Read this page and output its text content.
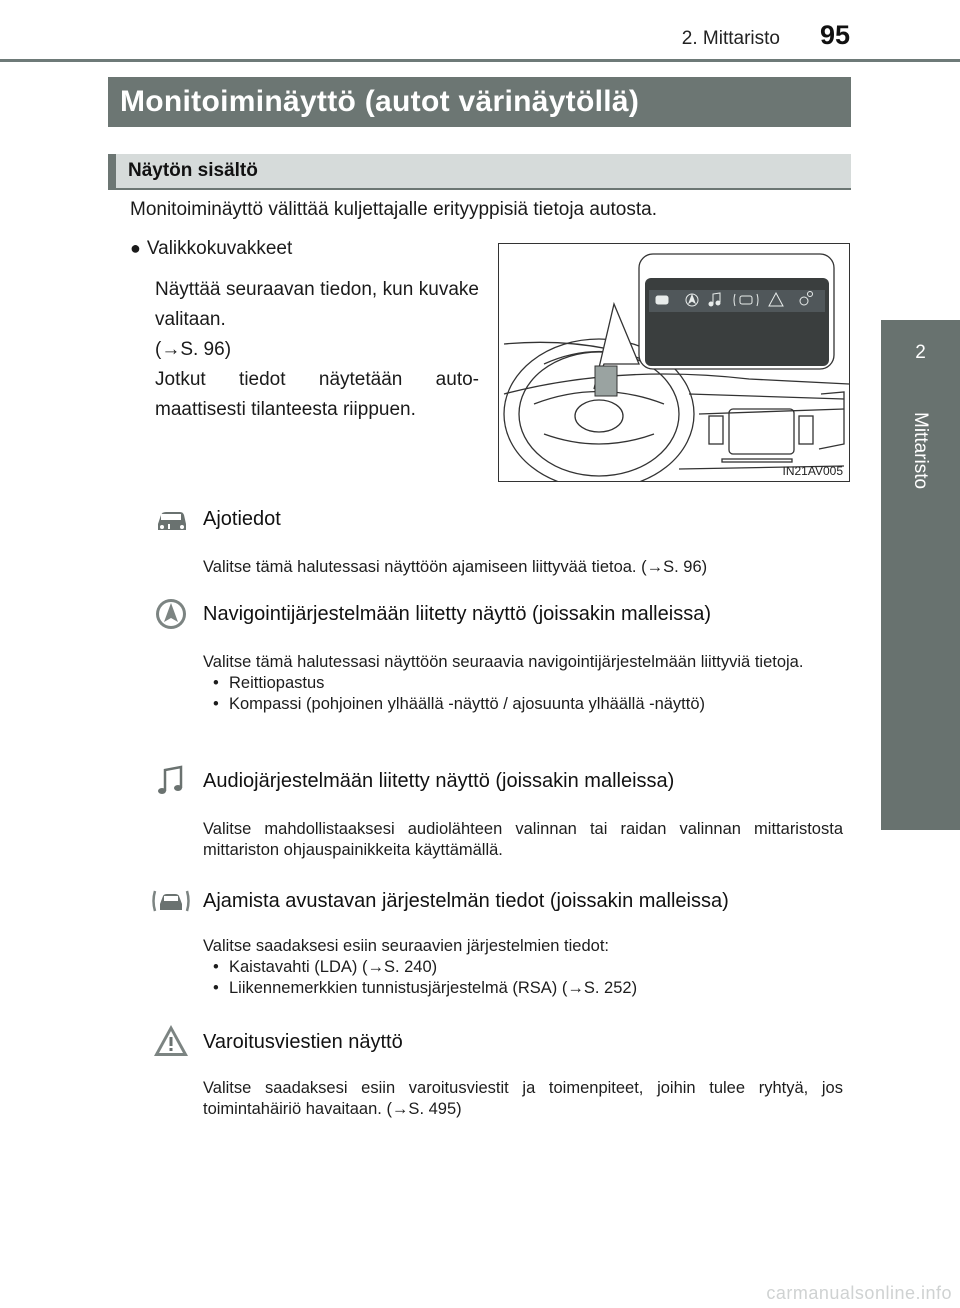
2. Mittaristo 95
2
Mittaristo
Monitoiminäyttö (autot värinäytöllä)
Näytön sisältö
Monitoiminäyttö välittää kuljettajalle erityyppisiä tietoja autosta.
● Valikkokuvakkeet
Näyttää seuraavan tiedon, kun kuvake valitaan.
(→S. 96)
Jotkut tiedot näytetään auto-maattisesti tilanteesta riippuen.
IN21AV005
Ajotiedot
Valitse tämä halutessasi näyttöön ajamiseen liittyvää tietoa. (→S. 96)
Navigointijärjestelmään liitetty näyttö (joissakin malleissa)
Valitse tämä halutessasi näyttöön seuraavia navigointijärjestelmään liittyviä tietoja.
• Reittiopastus
• Kompassi (pohjoinen ylhäällä -näyttö / ajosuunta ylhäällä -näyttö)
Audiojärjestelmään liitetty näyttö (joissakin malleissa)
Valitse mahdollistaaksesi audiolähteen valinnan tai raidan valinnan mittaristosta mittariston ohjauspainikkeita käyttämällä.
Ajamista avustavan järjestelmän tiedot (joissakin malleissa)
Valitse saadaksesi esiin seuraavien järjestelmien tiedot:
• Kaistavahti (LDA) (→S. 240)
• Liikennemerkkien tunnistusjärjestelmä (RSA) (→S. 252)
Varoitusviestien näyttö
Valitse saadaksesi esiin varoitusviestit ja toimenpiteet, joihin tulee ryhtyä, jos toimintahäiriö havaitaan. (→S. 495)
carmanualsonline.info
